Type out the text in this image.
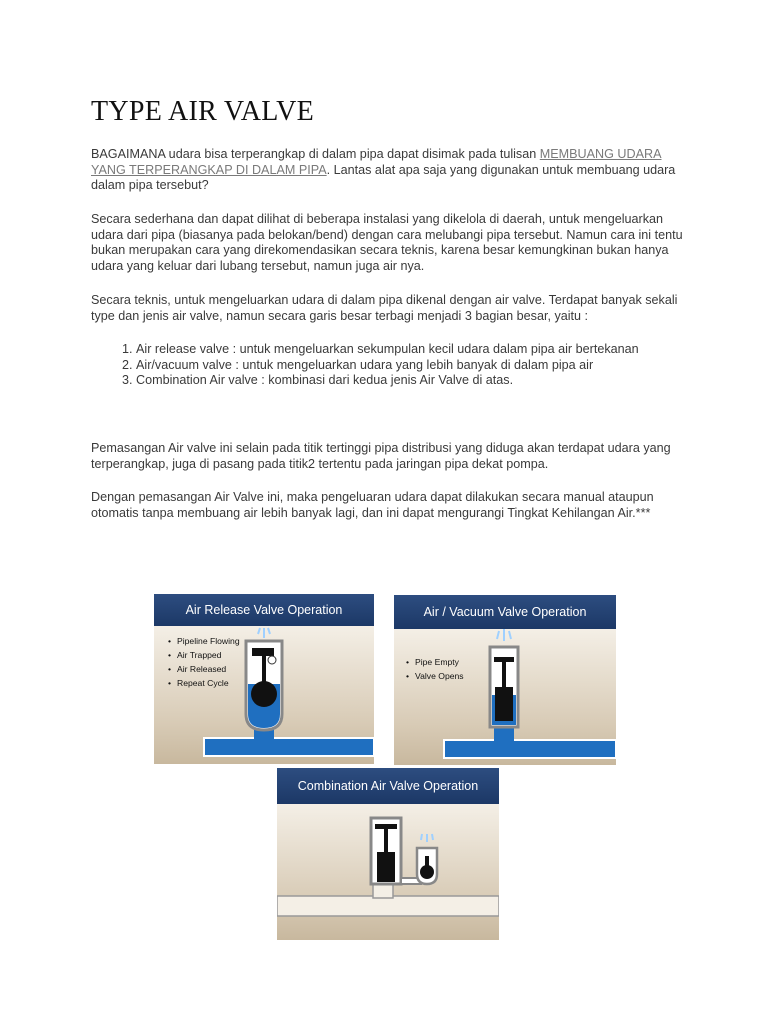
TYPE AIR VALVE

BAGAIMANA udara bisa terperangkap di dalam pipa dapat disimak pada tulisan MEMBUANG UDARA YANG TERPERANGKAP DI DALAM PIPA. Lantas alat apa saja yang digunakan untuk membuang udara dalam pipa tersebut?

Secara sederhana dan dapat dilihat di beberapa instalasi yang dikelola di daerah, untuk mengeluarkan udara dari pipa (biasanya pada belokan/bend) dengan cara melubangi pipa tersebut. Namun cara ini tentu bukan merupakan cara yang direkomendasikan secara teknis, karena besar kemungkinan bukan hanya udara yang keluar dari lubang tersebut, namun juga air nya.

Secara teknis, untuk mengeluarkan udara di dalam pipa dikenal dengan air valve. Terdapat banyak sekali type dan jenis air valve, namun secara garis besar terbagi menjadi 3 bagian besar, yaitu :

1. Air release valve : untuk mengeluarkan sekumpulan kecil udara dalam pipa air bertekanan
2. Air/vacuum valve : untuk mengeluarkan udara yang lebih banyak di dalam pipa air
3. Combination Air valve : kombinasi dari kedua jenis Air Valve di atas.

Pemasangan Air valve ini selain pada titik tertinggi pipa distribusi yang diduga akan terdapat udara yang terperangkap, juga di pasang pada titik2 tertentu pada jaringan pipa dekat pompa.

Dengan pemasangan Air Valve ini, maka pengeluaran udara dapat dilakukan secara manual ataupun otomatis tanpa membuang air lebih banyak lagi, dan ini dapat mengurangi Tingkat Kehilangan Air.***

Air Release Valve Operation
• Pipeline Flowing
• Air Trapped
• Air Released
• Repeat Cycle
Air / Vacuum Valve Operation
• Pipe Empty
• Valve Opens
Combination Air Valve Operation
